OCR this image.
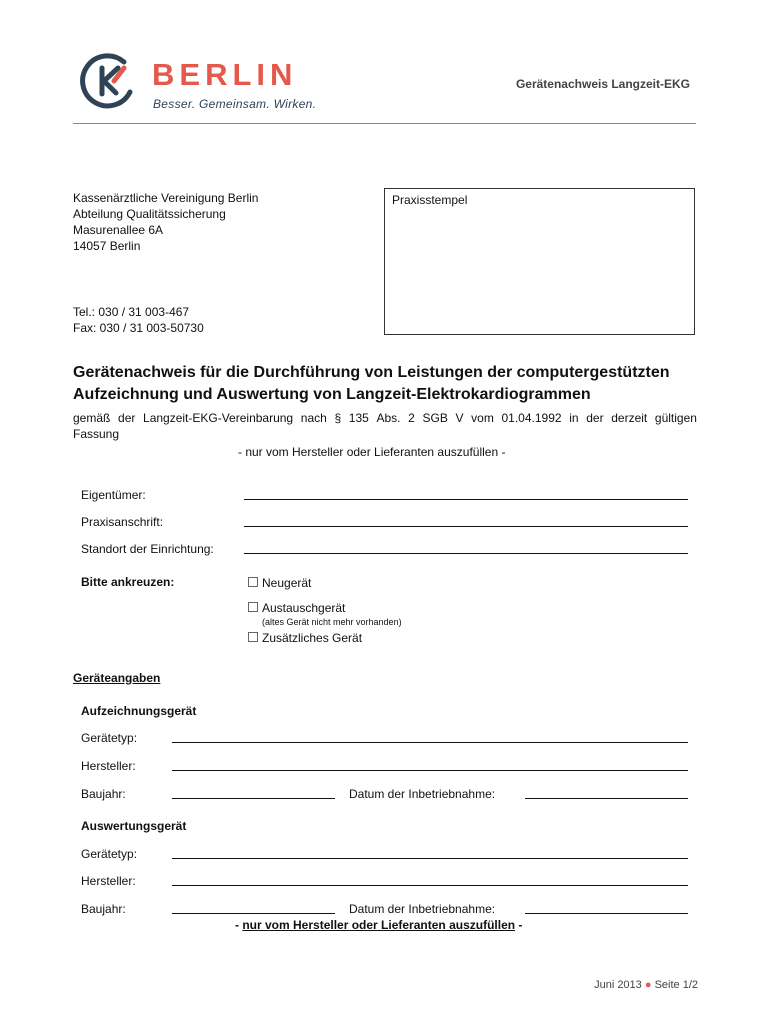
BERLIN
Besser. Gemeinsam. Wirken.
Gerätenachweis Langzeit-EKG
Kassenärztliche Vereinigung Berlin
Abteilung Qualitätssicherung
Masurenallee 6A
14057 Berlin
Tel.: 030 / 31 003-467
Fax: 030 / 31 003-50730
Praxisstempel
Gerätenachweis für die Durchführung von Leistungen der computergestützten
Aufzeichnung und Auswertung von Langzeit-Elektrokardiogrammen
gemäß der Langzeit-EKG-Vereinbarung nach § 135 Abs. 2 SGB V vom 01.04.1992 in der derzeit gültigen
Fassung
- nur vom Hersteller oder Lieferanten auszufüllen -
Eigentümer:
Praxisanschrift:
Standort der Einrichtung:
Bitte ankreuzen:	Neugerät
Austauschgerät
(altes Gerät nicht mehr vorhanden)
Zusätzliches Gerät
Geräteangaben
Aufzeichnungsgerät
Gerätetyp:
Hersteller:
Baujahr:	Datum der Inbetriebnahme:
Auswertungsgerät
Gerätetyp:
Hersteller:
Baujahr:	Datum der Inbetriebnahme:
- nur vom Hersteller oder Lieferanten auszufüllen -
Juni 2013 ● Seite 1/2
